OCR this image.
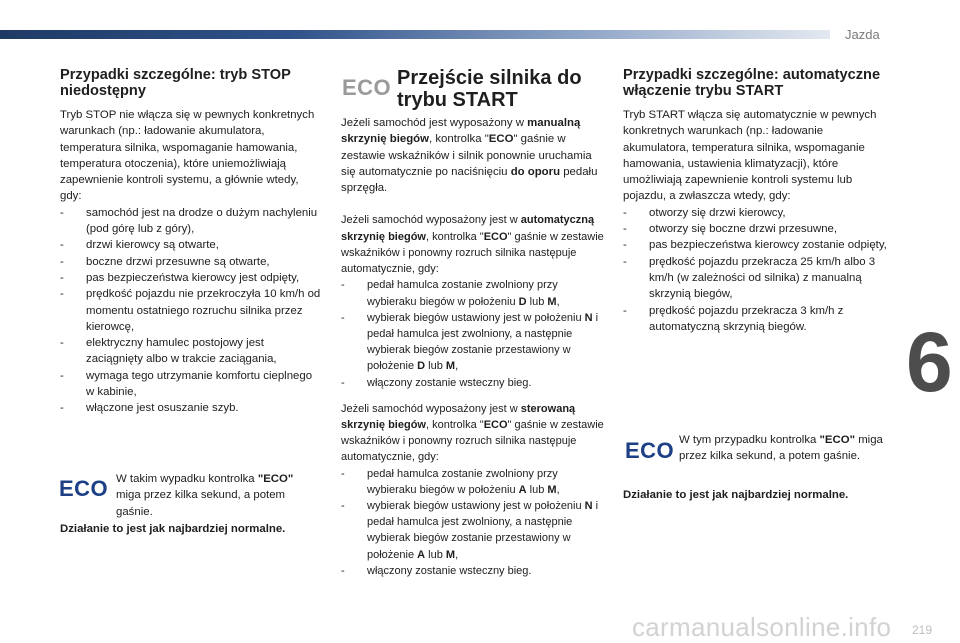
Jazda
Przypadki szczególne: tryb STOP niedostępny

Tryb STOP nie włącza się w pewnych konkretnych warunkach (np.: ładowanie akumulatora, temperatura silnika, wspomaganie hamowania, temperatura otoczenia), które uniemożliwiają zapewnienie kontroli systemu, a głównie wtedy, gdy:

- samochód jest na drodze o dużym nachyleniu (pod górę lub z góry),
- drzwi kierowcy są otwarte,
- boczne drzwi przesuwne są otwarte,
- pas bezpieczeństwa kierowcy jest odpięty,
- prędkość pojazdu nie przekroczyła 10 km/h od momentu ostatniego rozruchu silnika przez kierowcę,
- elektryczny hamulec postojowy jest zaciągnięty albo w trakcie zaciągania,
- wymaga tego utrzymanie komfortu cieplnego w kabinie,
- włączone jest osuszanie szyb.
ECO W takim wypadku kontrolka "ECO" miga przez kilka sekund, a potem gaśnie.
Działanie to jest jak najbardziej normalne.
ECO Przejście silnika do
trybu START

Jeżeli samochód jest wyposażony w manualną skrzynię biegów, kontrolka "ECO" gaśnie w zestawie wskaźników i silnik ponownie uruchamia się automatycznie po naciśnięciu do oporu pedału sprzęgła.

Jeżeli samochód wyposażony jest w automatyczną skrzynię biegów, kontrolka "ECO" gaśnie w zestawie wskaźników i ponowny rozruch silnika następuje automatycznie, gdy:

- pedał hamulca zostanie zwolniony przy wybieraku biegów w położeniu D lub M,
- wybierak biegów ustawiony jest w położeniu N i pedał hamulca jest zwolniony, a następnie wybierak biegów zostanie przestawiony w położenie D lub M,
- włączony zostanie wsteczny bieg.

Jeżeli samochód wyposażony jest w sterowaną skrzynię biegów, kontrolka "ECO" gaśnie w zestawie wskaźników i ponowny rozruch silnika następuje automatycznie, gdy:

- pedał hamulca zostanie zwolniony przy wybieraku biegów w położeniu A lub M,
- wybierak biegów ustawiony jest w położeniu N i pedał hamulca jest zwolniony, a następnie wybierak biegów zostanie przestawiony w położenie A lub M,
- włączony zostanie wsteczny bieg.
Przypadki szczególne: automatyczne włączenie trybu START

Tryb START włącza się automatycznie w pewnych konkretnych warunkach (np.: ładowanie akumulatora, temperatura silnika, wspomaganie hamowania, ustawienia klimatyzacji), które umożliwiają zapewnienie kontroli systemu lub pojazdu, a zwłaszcza wtedy, gdy:

- otworzy się drzwi kierowcy,
- otworzy się boczne drzwi przesuwne,
- pas bezpieczeństwa kierowcy zostanie odpięty,
- prędkość pojazdu przekracza 25 km/h albo 3 km/h (w zależności od silnika) z manualną skrzynią biegów,
- prędkość pojazdu przekracza 3 km/h z automatyczną skrzynią biegów.
ECO W tym przypadku kontrolka "ECO" miga przez kilka sekund, a potem gaśnie.
Działanie to jest jak najbardziej normalne.
6
carmanualsonline.info 219
